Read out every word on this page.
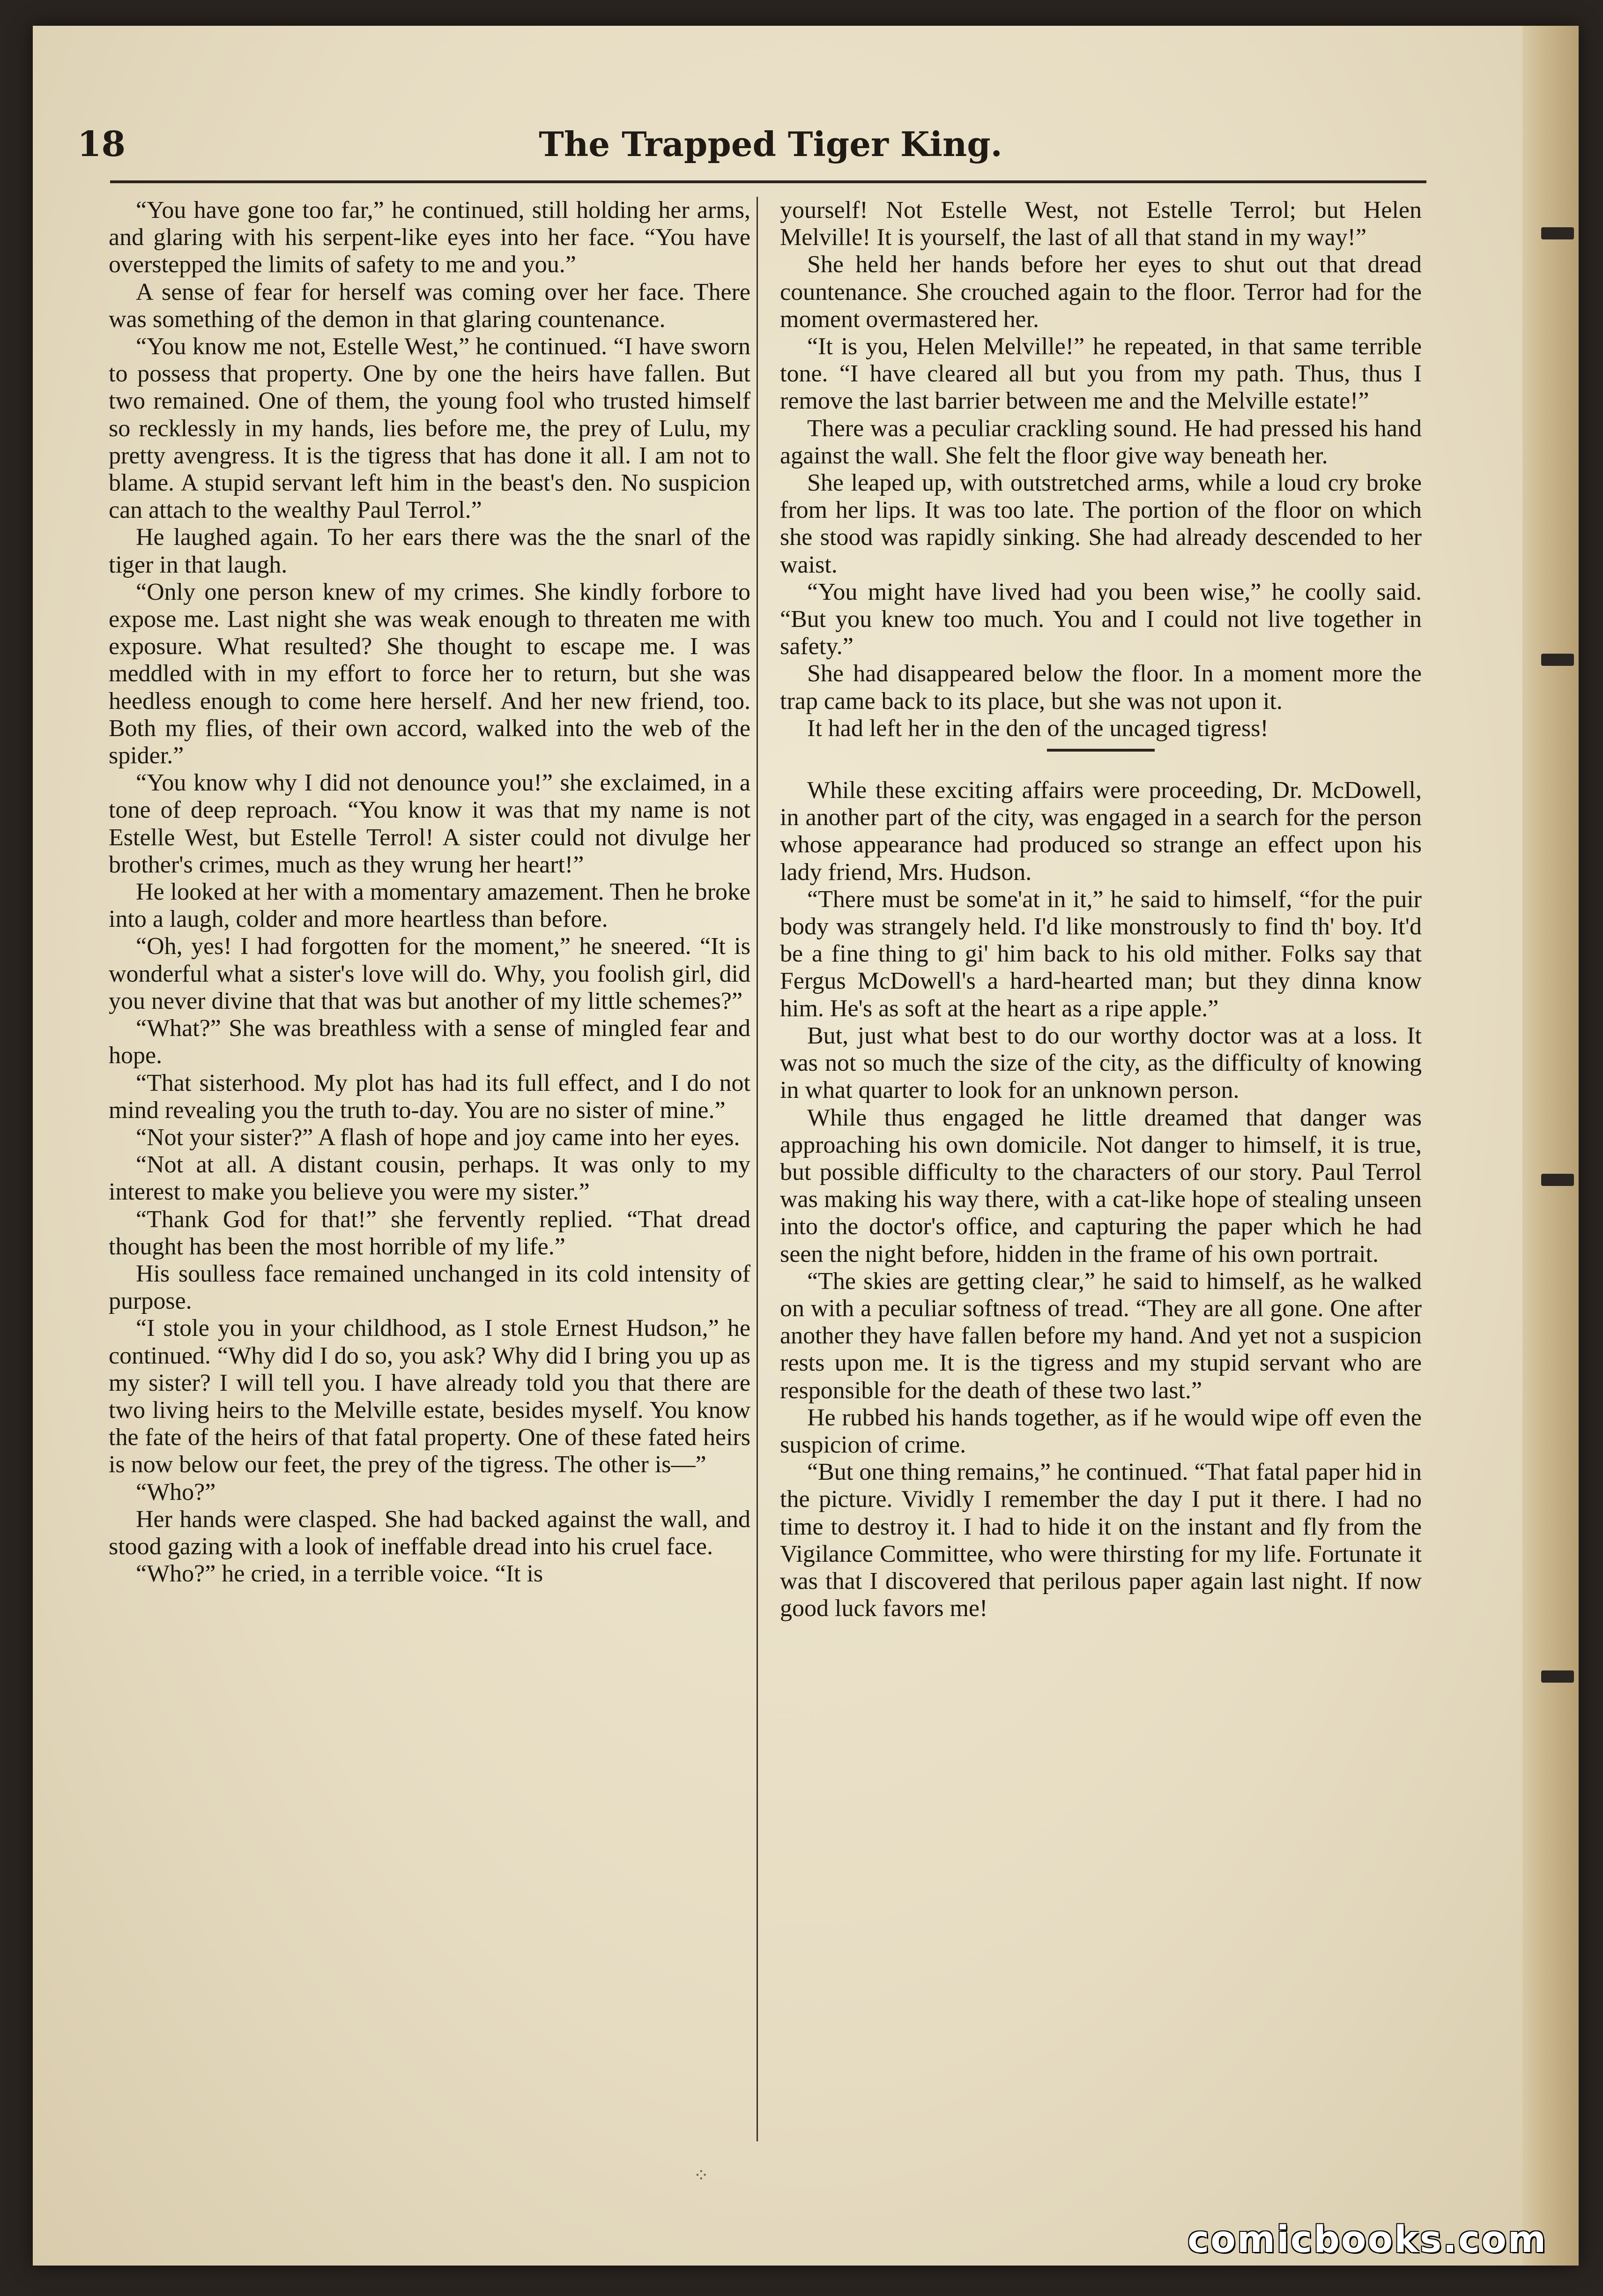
18	The Trapped Tiger King.

“You have gone too far,” he continued, still holding her arms, and glaring with his serpent-like eyes into her face. “You have overstepped the limits of safety to me and you.”

A sense of fear for herself was coming over her face. There was something of the demon in that glaring countenance.

“You know me not, Estelle West,” he continued. “I have sworn to possess that property. One by one the heirs have fallen. But two remained. One of them, the young fool who trusted himself so recklessly in my hands, lies before me, the prey of Lulu, my pretty avengress. It is the tigress that has done it all. I am not to blame. A stupid servant left him in the beast's den. No suspicion can attach to the wealthy Paul Terrol.”

He laughed again. To her ears there was the the snarl of the tiger in that laugh.

“Only one person knew of my crimes. She kindly forbore to expose me. Last night she was weak enough to threaten me with exposure. What resulted? She thought to escape me. I was meddled with in my effort to force her to return, but she was heedless enough to come here herself. And her new friend, too. Both my flies, of their own accord, walked into the web of the spider.”

“You know why I did not denounce you!” she exclaimed, in a tone of deep reproach. “You know it was that my name is not Estelle West, but Estelle Terrol! A sister could not divulge her brother's crimes, much as they wrung her heart!”

He looked at her with a momentary amazement. Then he broke into a laugh, colder and more heartless than before.

“Oh, yes! I had forgotten for the moment,” he sneered. “It is wonderful what a sister's love will do. Why, you foolish girl, did you never divine that that was but another of my little schemes?”

“What?” She was breathless with a sense of mingled fear and hope.

“That sisterhood. My plot has had its full effect, and I do not mind revealing you the truth to-day. You are no sister of mine.”

“Not your sister?” A flash of hope and joy came into her eyes.

“Not at all. A distant cousin, perhaps. It was only to my interest to make you believe you were my sister.”

“Thank God for that!” she fervently replied. “That dread thought has been the most horrible of my life.”

His soulless face remained unchanged in its cold intensity of purpose.

“I stole you in your childhood, as I stole Ernest Hudson,” he continued. “Why did I do so, you ask? Why did I bring you up as my sister? I will tell you. I have already told you that there are two living heirs to the Melville estate, besides myself. You know the fate of the heirs of that fatal property. One of these fated heirs is now below our feet, the prey of the tigress. The other is—”

“Who?”

Her hands were clasped. She had backed against the wall, and stood gazing with a look of ineffable dread into his cruel face.

“Who?” he cried, in a terrible voice. “It is

yourself! Not Estelle West, not Estelle Terrol; but Helen Melville! It is yourself, the last of all that stand in my way!”

She held her hands before her eyes to shut out that dread countenance. She crouched again to the floor. Terror had for the moment overmastered her.

“It is you, Helen Melville!” he repeated, in that same terrible tone. “I have cleared all but you from my path. Thus, thus I remove the last barrier between me and the Melville estate!”

There was a peculiar crackling sound. He had pressed his hand against the wall. She felt the floor give way beneath her.

She leaped up, with outstretched arms, while a loud cry broke from her lips. It was too late. The portion of the floor on which she stood was rapidly sinking. She had already descended to her waist.

“You might have lived had you been wise,” he coolly said. “But you knew too much. You and I could not live together in safety.”

She had disappeared below the floor. In a moment more the trap came back to its place, but she was not upon it.

It had left her in the den of the uncaged tigress!

While these exciting affairs were proceeding, Dr. McDowell, in another part of the city, was engaged in a search for the person whose appearance had produced so strange an effect upon his lady friend, Mrs. Hudson.

“There must be some'at in it,” he said to himself, “for the puir body was strangely held. I'd like monstrously to find th' boy. It'd be a fine thing to gi' him back to his old mither. Folks say that Fergus McDowell's a hard-hearted man; but they dinna know him. He's as soft at the heart as a ripe apple.”

But, just what best to do our worthy doctor was at a loss. It was not so much the size of the city, as the difficulty of knowing in what quarter to look for an unknown person.

While thus engaged he little dreamed that danger was approaching his own domicile. Not danger to himself, it is true, but possible difficulty to the characters of our story. Paul Terrol was making his way there, with a cat-like hope of stealing unseen into the doctor's office, and capturing the paper which he had seen the night before, hidden in the frame of his own portrait.

“The skies are getting clear,” he said to himself, as he walked on with a peculiar softness of tread. “They are all gone. One after another they have fallen before my hand. And yet not a suspicion rests upon me. It is the tigress and my stupid servant who are responsible for the death of these two last.”

He rubbed his hands together, as if he would wipe off even the suspicion of crime.

“But one thing remains,” he continued. “That fatal paper hid in the picture. Vividly I remember the day I put it there. I had no time to destroy it. I had to hide it on the instant and fly from the Vigilance Committee, who were thirsting for my life. Fortunate it was that I discovered that perilous paper again last night. If now good luck favors me!

⁘
comicbooks.com
